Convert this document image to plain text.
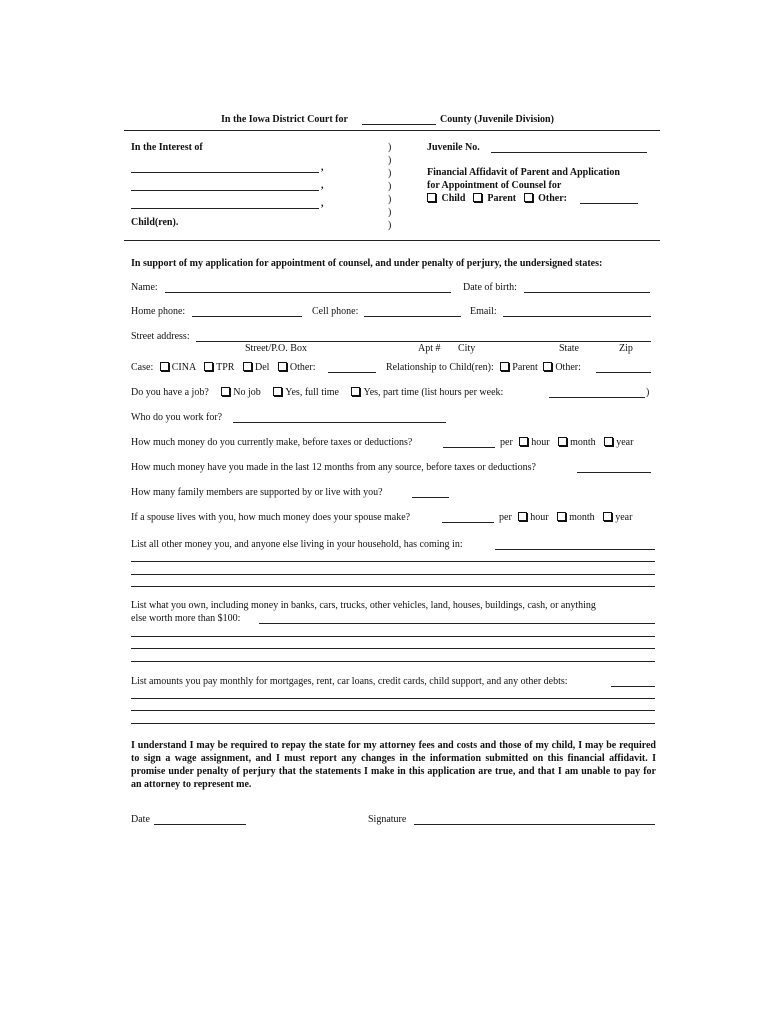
In the Iowa District Court for	County (Juvenile Division)
In the Interest of
,
,
,
Child(ren).
)
)
)
)
)
)
)
Juvenile No.
Financial Affidavit of Parent and Application
for Appointment of Counsel for
Child Parent Other:
In support of my application for appointment of counsel, and under penalty of perjury, the undersigned states:
Name:	Date of birth:
Home phone:	Cell phone:	Email:
Street address:
Street/P.O. Box	Apt # City	State	Zip
Case: CINA TPR Del Other:	Relationship to Child(ren): Parent Other:
Do you have a job? No job Yes, full time Yes, part time (list hours per week:	)
Who do you work for?
How much money do you currently make, before taxes or deductions?	per hour month year
How much money have you made in the last 12 months from any source, before taxes or deductions?
How many family members are supported by or live with you?
If a spouse lives with you, how much money does your spouse make?	per hour month year
List all other money you, and anyone else living in your household, has coming in:
List what you own, including money in banks, cars, trucks, other vehicles, land, houses, buildings, cash, or anything
else worth more than $100:
List amounts you pay monthly for mortgages, rent, car loans, credit cards, child support, and any other debts:
I understand I may be required to repay the state for my attorney fees and costs and those of my child, I may be required to sign a wage assignment, and I must report any changes in the information submitted on this financial affidavit. I promise under penalty of perjury that the statements I make in this application are true, and that I am unable to pay for an attorney to represent me.
Date	Signature
